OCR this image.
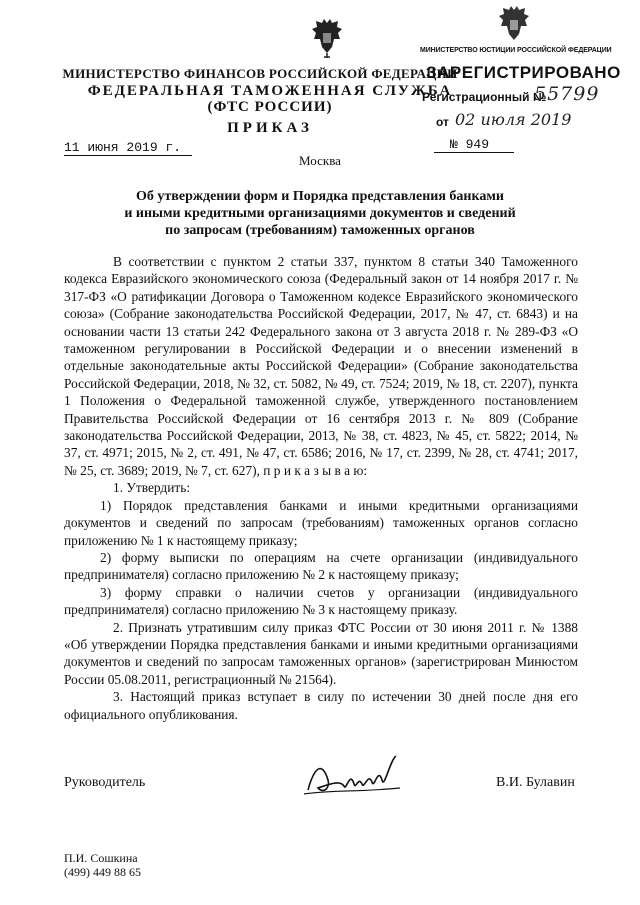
МИНИСТЕРСТВО ФИНАНСОВ РОССИЙСКОЙ ФЕДЕРАЦИИ
ФЕДЕРАЛЬНАЯ ТАМОЖЕННАЯ СЛУЖБА
(ФТС РОССИИ)
ПРИКАЗ
11 июня 2019 г.
Москва
№ 949
МИНИСТЕРСТВО ЮСТИЦИИ РОССИЙСКОЙ ФЕДЕРАЦИИ
ЗАРЕГИСТРИРОВАНО
Регистрационный №
55799
от 02 июля 2019
Об утверждении форм и Порядка представления банками
и иными кредитными организациями документов и сведений
по запросам (требованиям) таможенных органов

В соответствии с пунктом 2 статьи 337, пунктом 8 статьи 340 Таможенного кодекса Евразийского экономического союза (Федеральный закон от 14 ноября 2017 г. № 317-ФЗ «О ратификации Договора о Таможенном кодексе Евразийского экономического союза» (Собрание законодательства Российской Федерации, 2017, № 47, ст. 6843) и на основании части 13 статьи 242 Федерального закона от 3 августа 2018 г. № 289-ФЗ «О таможенном регулировании в Российской Федерации и о внесении изменений в отдельные законодательные акты Российской Федерации» (Собрание законодательства Российской Федерации, 2018, № 32, ст. 5082, № 49, ст. 7524; 2019, № 18, ст. 2207), пункта 1 Положения о Федеральной таможенной службе, утвержденного постановлением Правительства Российской Федерации от 16 сентября 2013 г. № 809 (Собрание законодательства Российской Федерации, 2013, № 38, ст. 4823, № 45, ст. 5822; 2014, № 37, ст. 4971; 2015, № 2, ст. 491, № 47, ст. 6586; 2016, № 17, ст. 2399, № 28, ст. 4741; 2017, № 25, ст. 3689; 2019, № 7, ст. 627), п р и к а з ы в а ю:

1. Утвердить:

1) Порядок представления банками и иными кредитными организациями документов и сведений по запросам (требованиям) таможенных органов согласно приложению № 1 к настоящему приказу;

2) форму выписки по операциям на счете организации (индивидуального предпринимателя) согласно приложению № 2 к настоящему приказу;

3) форму справки о наличии счетов у организации (индивидуального предпринимателя) согласно приложению № 3 к настоящему приказу.

2. Признать утратившим силу приказ ФТС России от 30 июня 2011 г. № 1388 «Об утверждении Порядка представления банками и иными кредитными организациями документов и сведений по запросам таможенных органов» (зарегистрирован Минюстом России 05.08.2011, регистрационный № 21564).

3. Настоящий приказ вступает в силу по истечении 30 дней после дня его официального опубликования.

Руководитель	В.И. Булавин
П.И. Сошкина
(499) 449 88 65
